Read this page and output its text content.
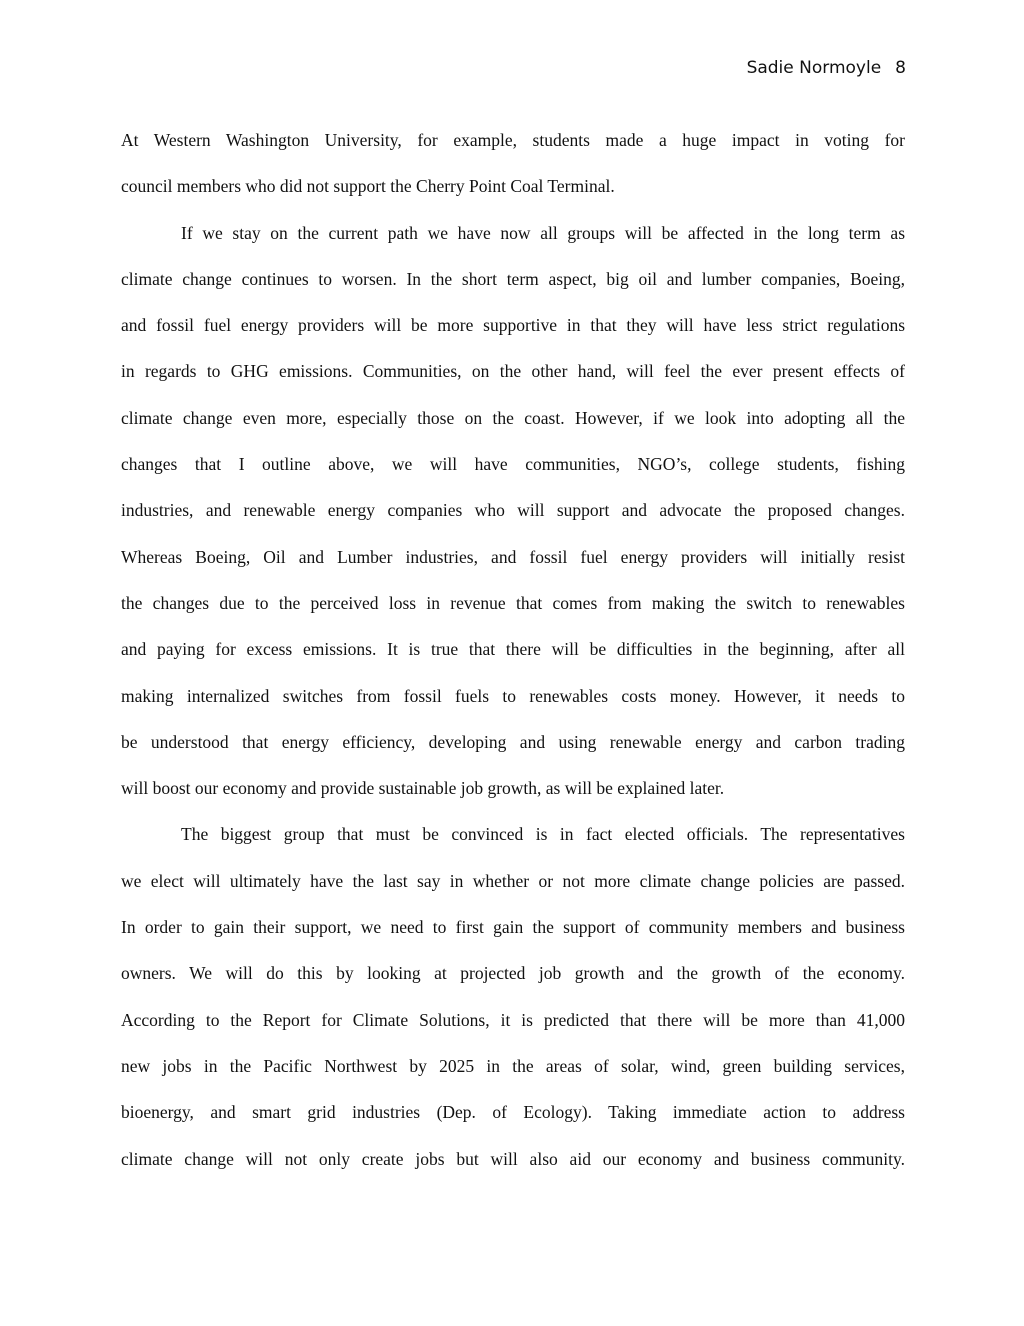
Sadie Normoyle 8
At Western Washington University, for example, students made a huge impact in voting for
council members who did not support the Cherry Point Coal Terminal.
If we stay on the current path we have now all groups will be affected in the long term as
climate change continues to worsen. In the short term aspect, big oil and lumber companies, Boeing,
and fossil fuel energy providers will be more supportive in that they will have less strict regulations
in regards to GHG emissions. Communities, on the other hand, will feel the ever present effects of
climate change even more, especially those on the coast. However, if we look into adopting all the
changes that I outline above, we will have communities, NGO’s, college students, fishing
industries, and renewable energy companies who will support and advocate the proposed changes.
Whereas Boeing, Oil and Lumber industries, and fossil fuel energy providers will initially resist
the changes due to the perceived loss in revenue that comes from making the switch to renewables
and paying for excess emissions. It is true that there will be difficulties in the beginning, after all
making internalized switches from fossil fuels to renewables costs money. However, it needs to
be understood that energy efficiency, developing and using renewable energy and carbon trading
will boost our economy and provide sustainable job growth, as will be explained later.
The biggest group that must be convinced is in fact elected officials. The representatives
we elect will ultimately have the last say in whether or not more climate change policies are passed.
In order to gain their support, we need to first gain the support of community members and business
owners. We will do this by looking at projected job growth and the growth of the economy.
According to the Report for Climate Solutions, it is predicted that there will be more than 41,000
new jobs in the Pacific Northwest by 2025 in the areas of solar, wind, green building services,
bioenergy, and smart grid industries (Dep. of Ecology). Taking immediate action to address
climate change will not only create jobs but will also aid our economy and business community.
